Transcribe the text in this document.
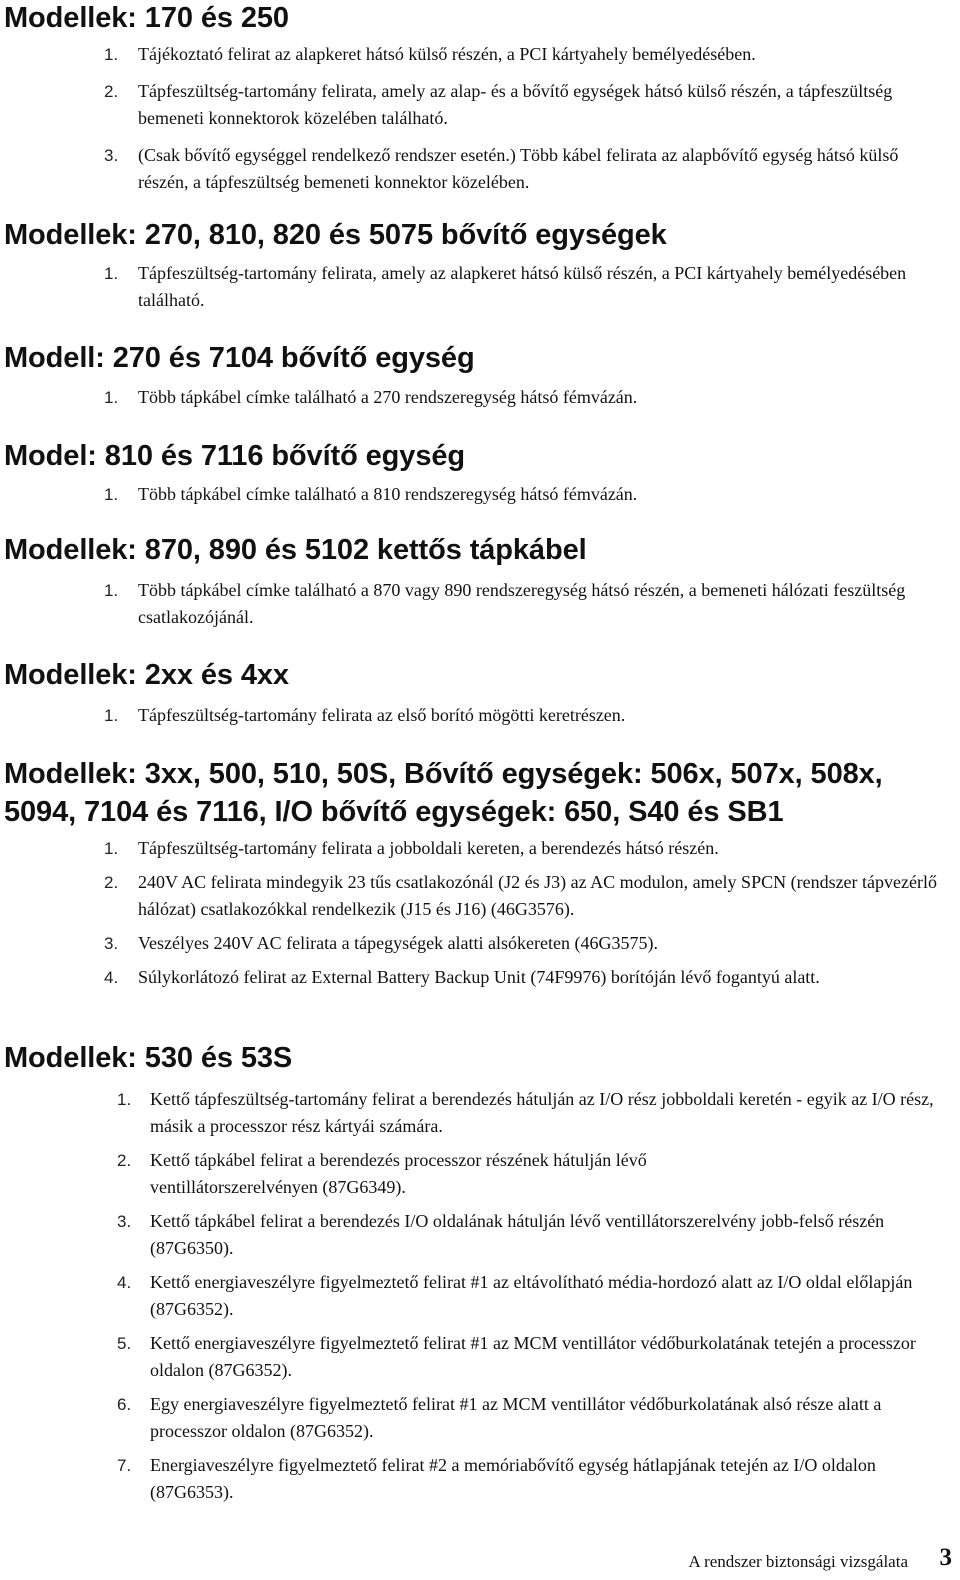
Modellek: 170 és 250
1.	Tájékoztató felirat az alapkeret hátsó külső részén, a PCI kártyahely bemélyedésében.
2.	Tápfeszültség-tartomány felirata, amely az alap- és a bővítő egységek hátsó külső részén, a tápfeszültség bemeneti konnektorok közelében található.
3.	(Csak bővítő egységgel rendelkező rendszer esetén.) Több kábel felirata az alapbővítő egység hátsó külső részén, a tápfeszültség bemeneti konnektor közelében.
Modellek: 270, 810, 820 és 5075 bővítő egységek
1.	Tápfeszültség-tartomány felirata, amely az alapkeret hátsó külső részén, a PCI kártyahely bemélyedésében található.
Modell: 270 és 7104 bővítő egység
1.	Több tápkábel címke található a 270 rendszeregység hátsó fémvázán.
Model: 810 és 7116 bővítő egység
1.	Több tápkábel címke található a 810 rendszeregység hátsó fémvázán.
Modellek: 870, 890 és 5102 kettős tápkábel
1.	Több tápkábel címke található a 870 vagy 890 rendszeregység hátsó részén, a bemeneti hálózati feszültség csatlakozójánál.
Modellek: 2xx és 4xx
1.	Tápfeszültség-tartomány felirata az első borító mögötti keretrészen.
Modellek: 3xx, 500, 510, 50S, Bővítő egységek: 506x, 507x, 508x, 5094, 7104 és 7116, I/O bővítő egységek: 650, S40 és SB1
1.	Tápfeszültség-tartomány felirata a jobboldali kereten, a berendezés hátsó részén.
2.	240V AC felirata mindegyik 23 tűs csatlakozónál (J2 és J3) az AC modulon, amely SPCN (rendszer tápvezérlő hálózat) csatlakozókkal rendelkezik (J15 és J16) (46G3576).
3.	Veszélyes 240V AC felirata a tápegységek alatti alsókereten (46G3575).
4.	Súlykorlátozó felirat az External Battery Backup Unit (74F9976) borítóján lévő fogantyú alatt.
Modellek: 530 és 53S
1.	Kettő tápfeszültség-tartomány felirat a berendezés hátulján az I/O rész jobboldali keretén - egyik az I/O rész, másik a processzor rész kártyái számára.
2.	Kettő tápkábel felirat a berendezés processzor részének hátulján lévő ventillátorszerelvényen (87G6349).
3.	Kettő tápkábel felirat a berendezés I/O oldalának hátulján lévő ventillátorszerelvény jobb-felső részén (87G6350).
4.	Kettő energiaveszélyre figyelmeztető felirat #1 az eltávolítható média-hordozó alatt az I/O oldal előlapján (87G6352).
5.	Kettő energiaveszélyre figyelmeztető felirat #1 az MCM ventillátor védőburkolatának tetején a processzor oldalon (87G6352).
6.	Egy energiaveszélyre figyelmeztető felirat #1 az MCM ventillátor védőburkolatának alsó része alatt a processzor oldalon (87G6352).
7.	Energiaveszélyre figyelmeztető felirat #2 a memóriabővítő egység hátlapjának tetején az I/O oldalon (87G6353).
A rendszer biztonsági vizsgálata 3
